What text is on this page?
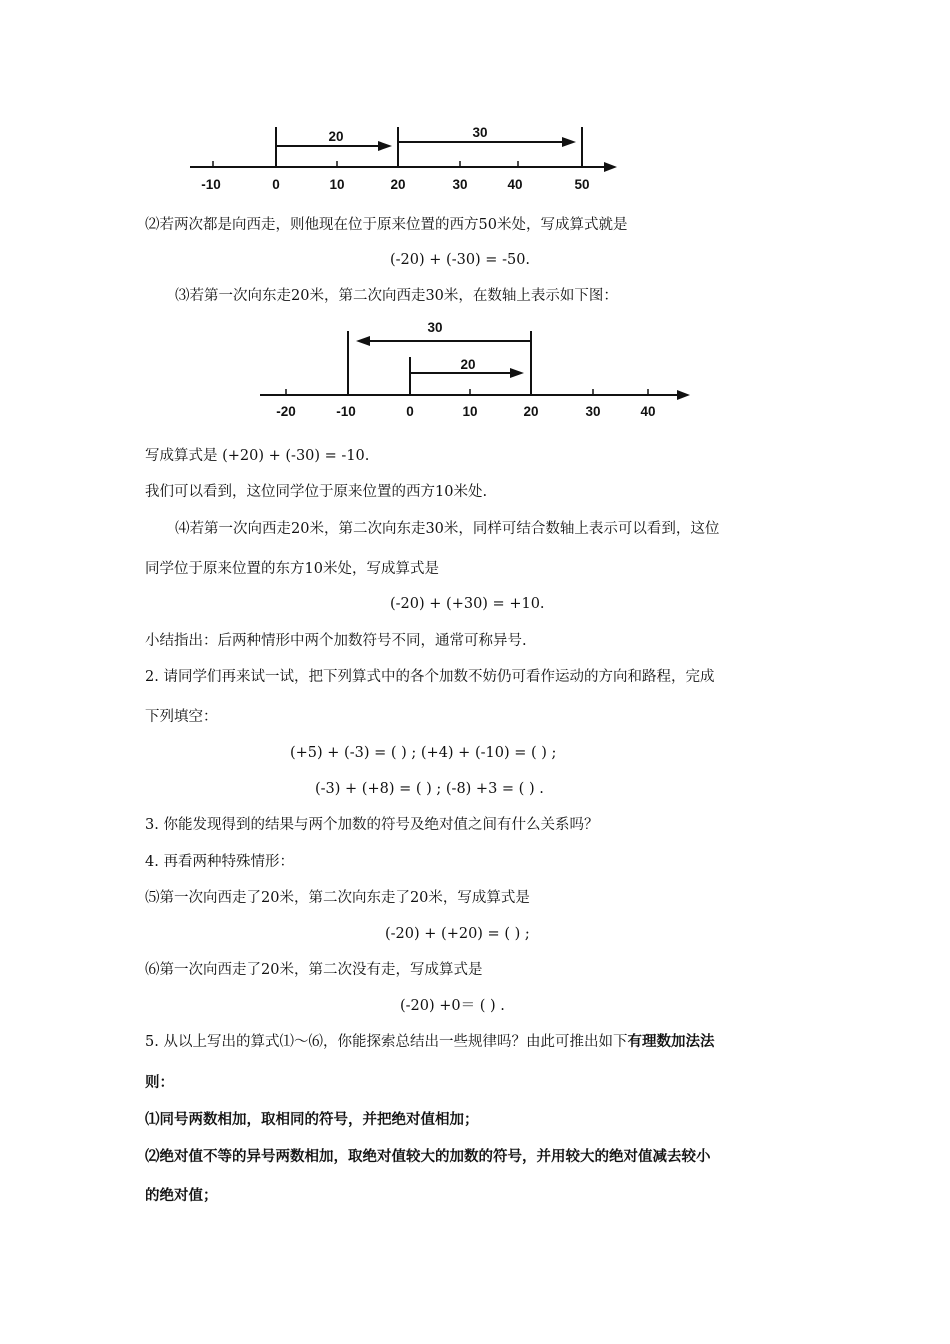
20	30
-10	0	10	20	30	40	50
⑵若两次都是向西走，则他现在位于原来位置的西方50米处，写成算式就是
(-20) + (-30) = -50.
⑶若第一次向东走20米，第二次向西走30米，在数轴上表示如下图：
30
20
-20	-10	0	10	20	30	40
写成算式是 (+20) + (-30) = -10.
我们可以看到，这位同学位于原来位置的西方10米处.
⑷若第一次向西走20米，第二次向东走30米，同样可结合数轴上表示可以看到，这位
同学位于原来位置的东方10米处，写成算式是
(-20) + (+30) = +10.
小结指出：后两种情形中两个加数符号不同，通常可称异号.
2. 请同学们再来试一试，把下列算式中的各个加数不妨仍可看作运动的方向和路程，完成
下列填空：
(+5) + (-3) = ( ) ; (+4) + (-10) = ( ) ;
(-3) + (+8) = ( ) ; (-8) +3 = ( ) .
3. 你能发现得到的结果与两个加数的符号及绝对值之间有什么关系吗？
4. 再看两种特殊情形：
⑸第一次向西走了20米，第二次向东走了20米，写成算式是
(-20) + (+20) = ( ) ;
⑹第一次向西走了20米，第二次没有走，写成算式是
(-20) +0＝ ( ) .
5. 从以上写出的算式⑴～⑹，你能探索总结出一些规律吗？由此可推出如下有理数加法法
则：
⑴同号两数相加，取相同的符号，并把绝对值相加；
⑵绝对值不等的异号两数相加，取绝对值较大的加数的符号，并用较大的绝对值减去较小
的绝对值；
